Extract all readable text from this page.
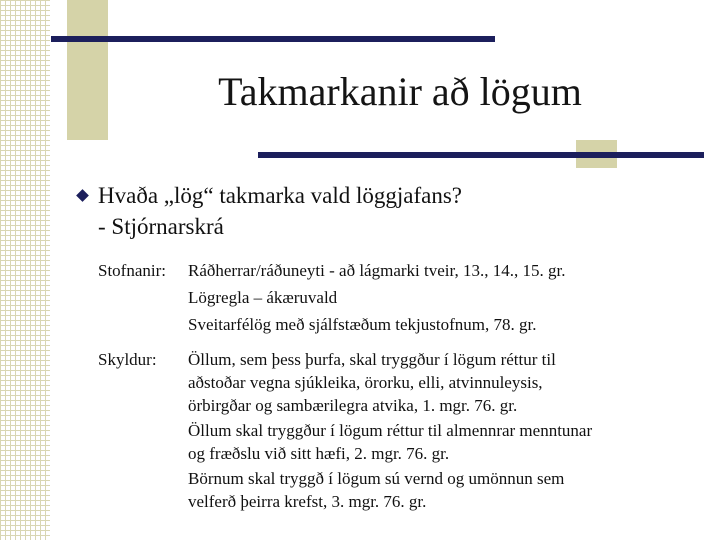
Takmarkanir að lögum
Hvaða „lög“ takmarka vald löggjafans?
- Stjórnarskrá
Stofnanir: Ráðherrar/ráðuneyti - að lágmarki tveir, 13., 14., 15. gr.
Lögregla – ákæruvald
Sveitarfélög með sjálfstæðum tekjustofnum, 78. gr.
Skyldur: Öllum, sem þess þurfa, skal tryggður í lögum réttur til
aðstoðar vegna sjúkleika, örorku, elli, atvinnuleysis,
örbirgðar og sambærilegra atvika, 1. mgr. 76. gr.
Öllum skal tryggður í lögum réttur til almennrar menntunar
og fræðslu við sitt hæfi, 2. mgr. 76. gr.
Börnum skal tryggð í lögum sú vernd og umönnun sem
velferð þeirra krefst, 3. mgr. 76. gr.
